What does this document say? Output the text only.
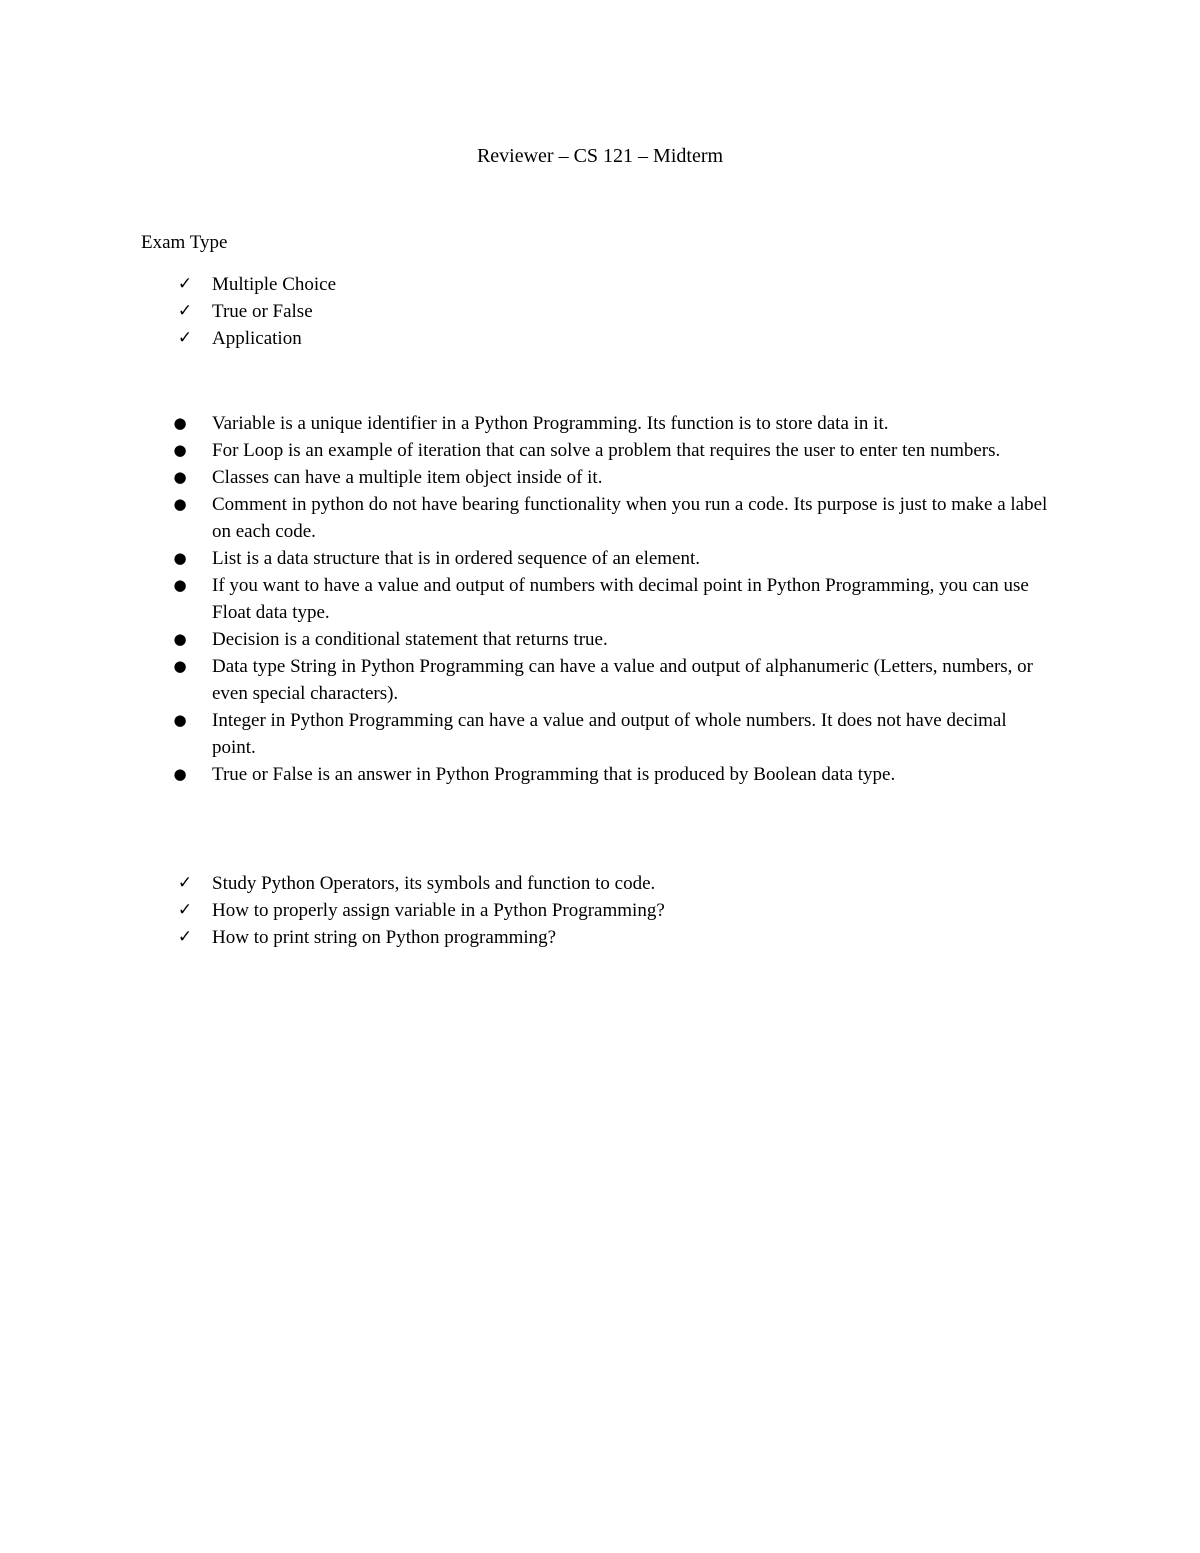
Reviewer – CS 121 – Midterm
Exam Type
✓ Multiple Choice
✓ True or False
✓ Application
● Variable is a unique identifier in a Python Programming. Its function is to store data in it.
● For Loop is an example of iteration that can solve a problem that requires the user to enter ten numbers.
● Classes can have a multiple item object inside of it.
● Comment in python do not have bearing functionality when you run a code. Its purpose is just to make a label on each code.
● List is a data structure that is in ordered sequence of an element.
● If you want to have a value and output of numbers with decimal point in Python Programming, you can use Float data type.
● Decision is a conditional statement that returns true.
● Data type String in Python Programming can have a value and output of alphanumeric (Letters, numbers, or even special characters).
● Integer in Python Programming can have a value and output of whole numbers. It does not have decimal point.
● True or False is an answer in Python Programming that is produced by Boolean data type.
✓ Study Python Operators, its symbols and function to code.
✓ How to properly assign variable in a Python Programming?
✓ How to print string on Python programming?
